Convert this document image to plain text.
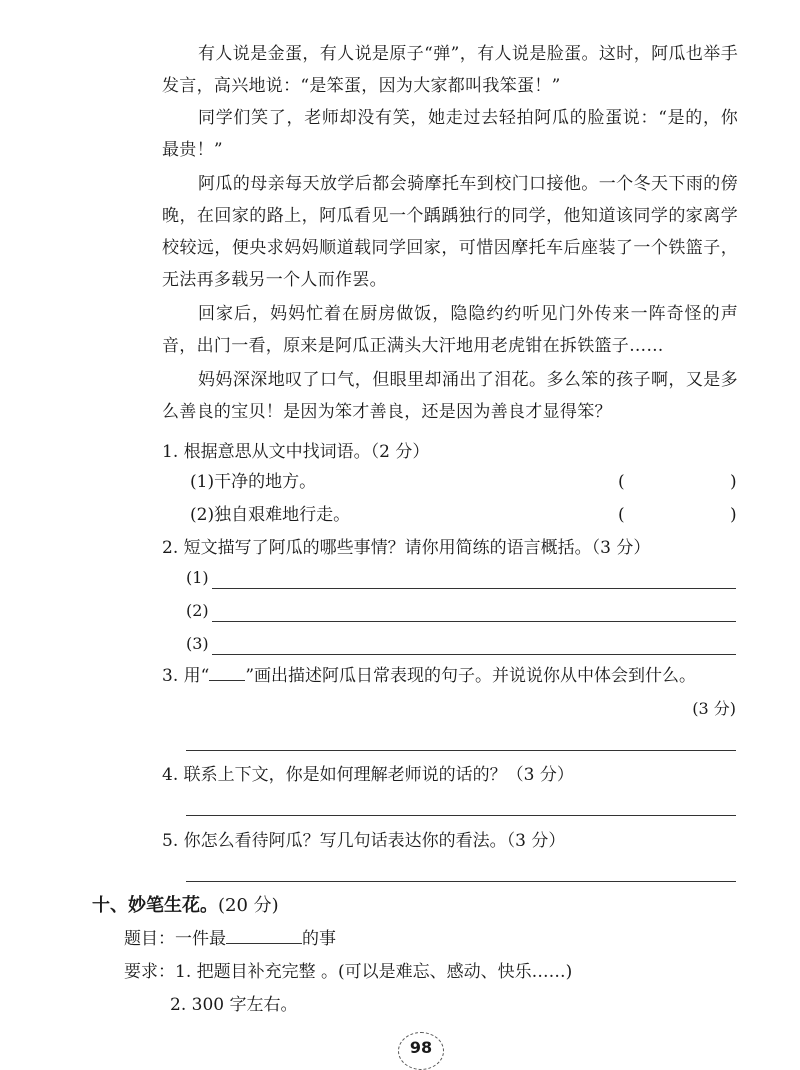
有人说是金蛋，有人说是原子“弹”，有人说是脸蛋。这时，阿瓜也举手发言，高兴地说：“是笨蛋，因为大家都叫我笨蛋！”

同学们笑了，老师却没有笑，她走过去轻拍阿瓜的脸蛋说：“是的，你最贵！”

阿瓜的母亲每天放学后都会骑摩托车到校门口接他。一个冬天下雨的傍晚，在回家的路上，阿瓜看见一个踽踽独行的同学，他知道该同学的家离学校较远，便央求妈妈顺道载同学回家，可惜因摩托车后座装了一个铁篮子，无法再多载另一个人而作罢。

回家后，妈妈忙着在厨房做饭，隐隐约约听见门外传来一阵奇怪的声音，出门一看，原来是阿瓜正满头大汗地用老虎钳在拆铁篮子……

妈妈深深地叹了口气，但眼里却涌出了泪花。多么笨的孩子啊，又是多么善良的宝贝！是因为笨才善良，还是因为善良才显得笨？

1. 根据意思从文中找词语。（2 分）

(1)干净的地方。	(	)
(2)独自艰难地行走。	(	)

2. 短文描写了阿瓜的哪些事情？请你用简练的语言概括。（3 分）

(1)
(2)
(3)

3. 用“ ”画出描述阿瓜日常表现的句子。并说说你从中体会到什么。

(3 分)

4. 联系上下文，你是如何理解老师说的话的？（3 分）

5. 你怎么看待阿瓜？写几句话表达你的看法。（3 分）

十、妙笔生花。(20 分)
题目：一件最	的事
要求：1. 把题目补充完整 。(可以是难忘、感动、快乐……)
2. 300 字左右。
98
